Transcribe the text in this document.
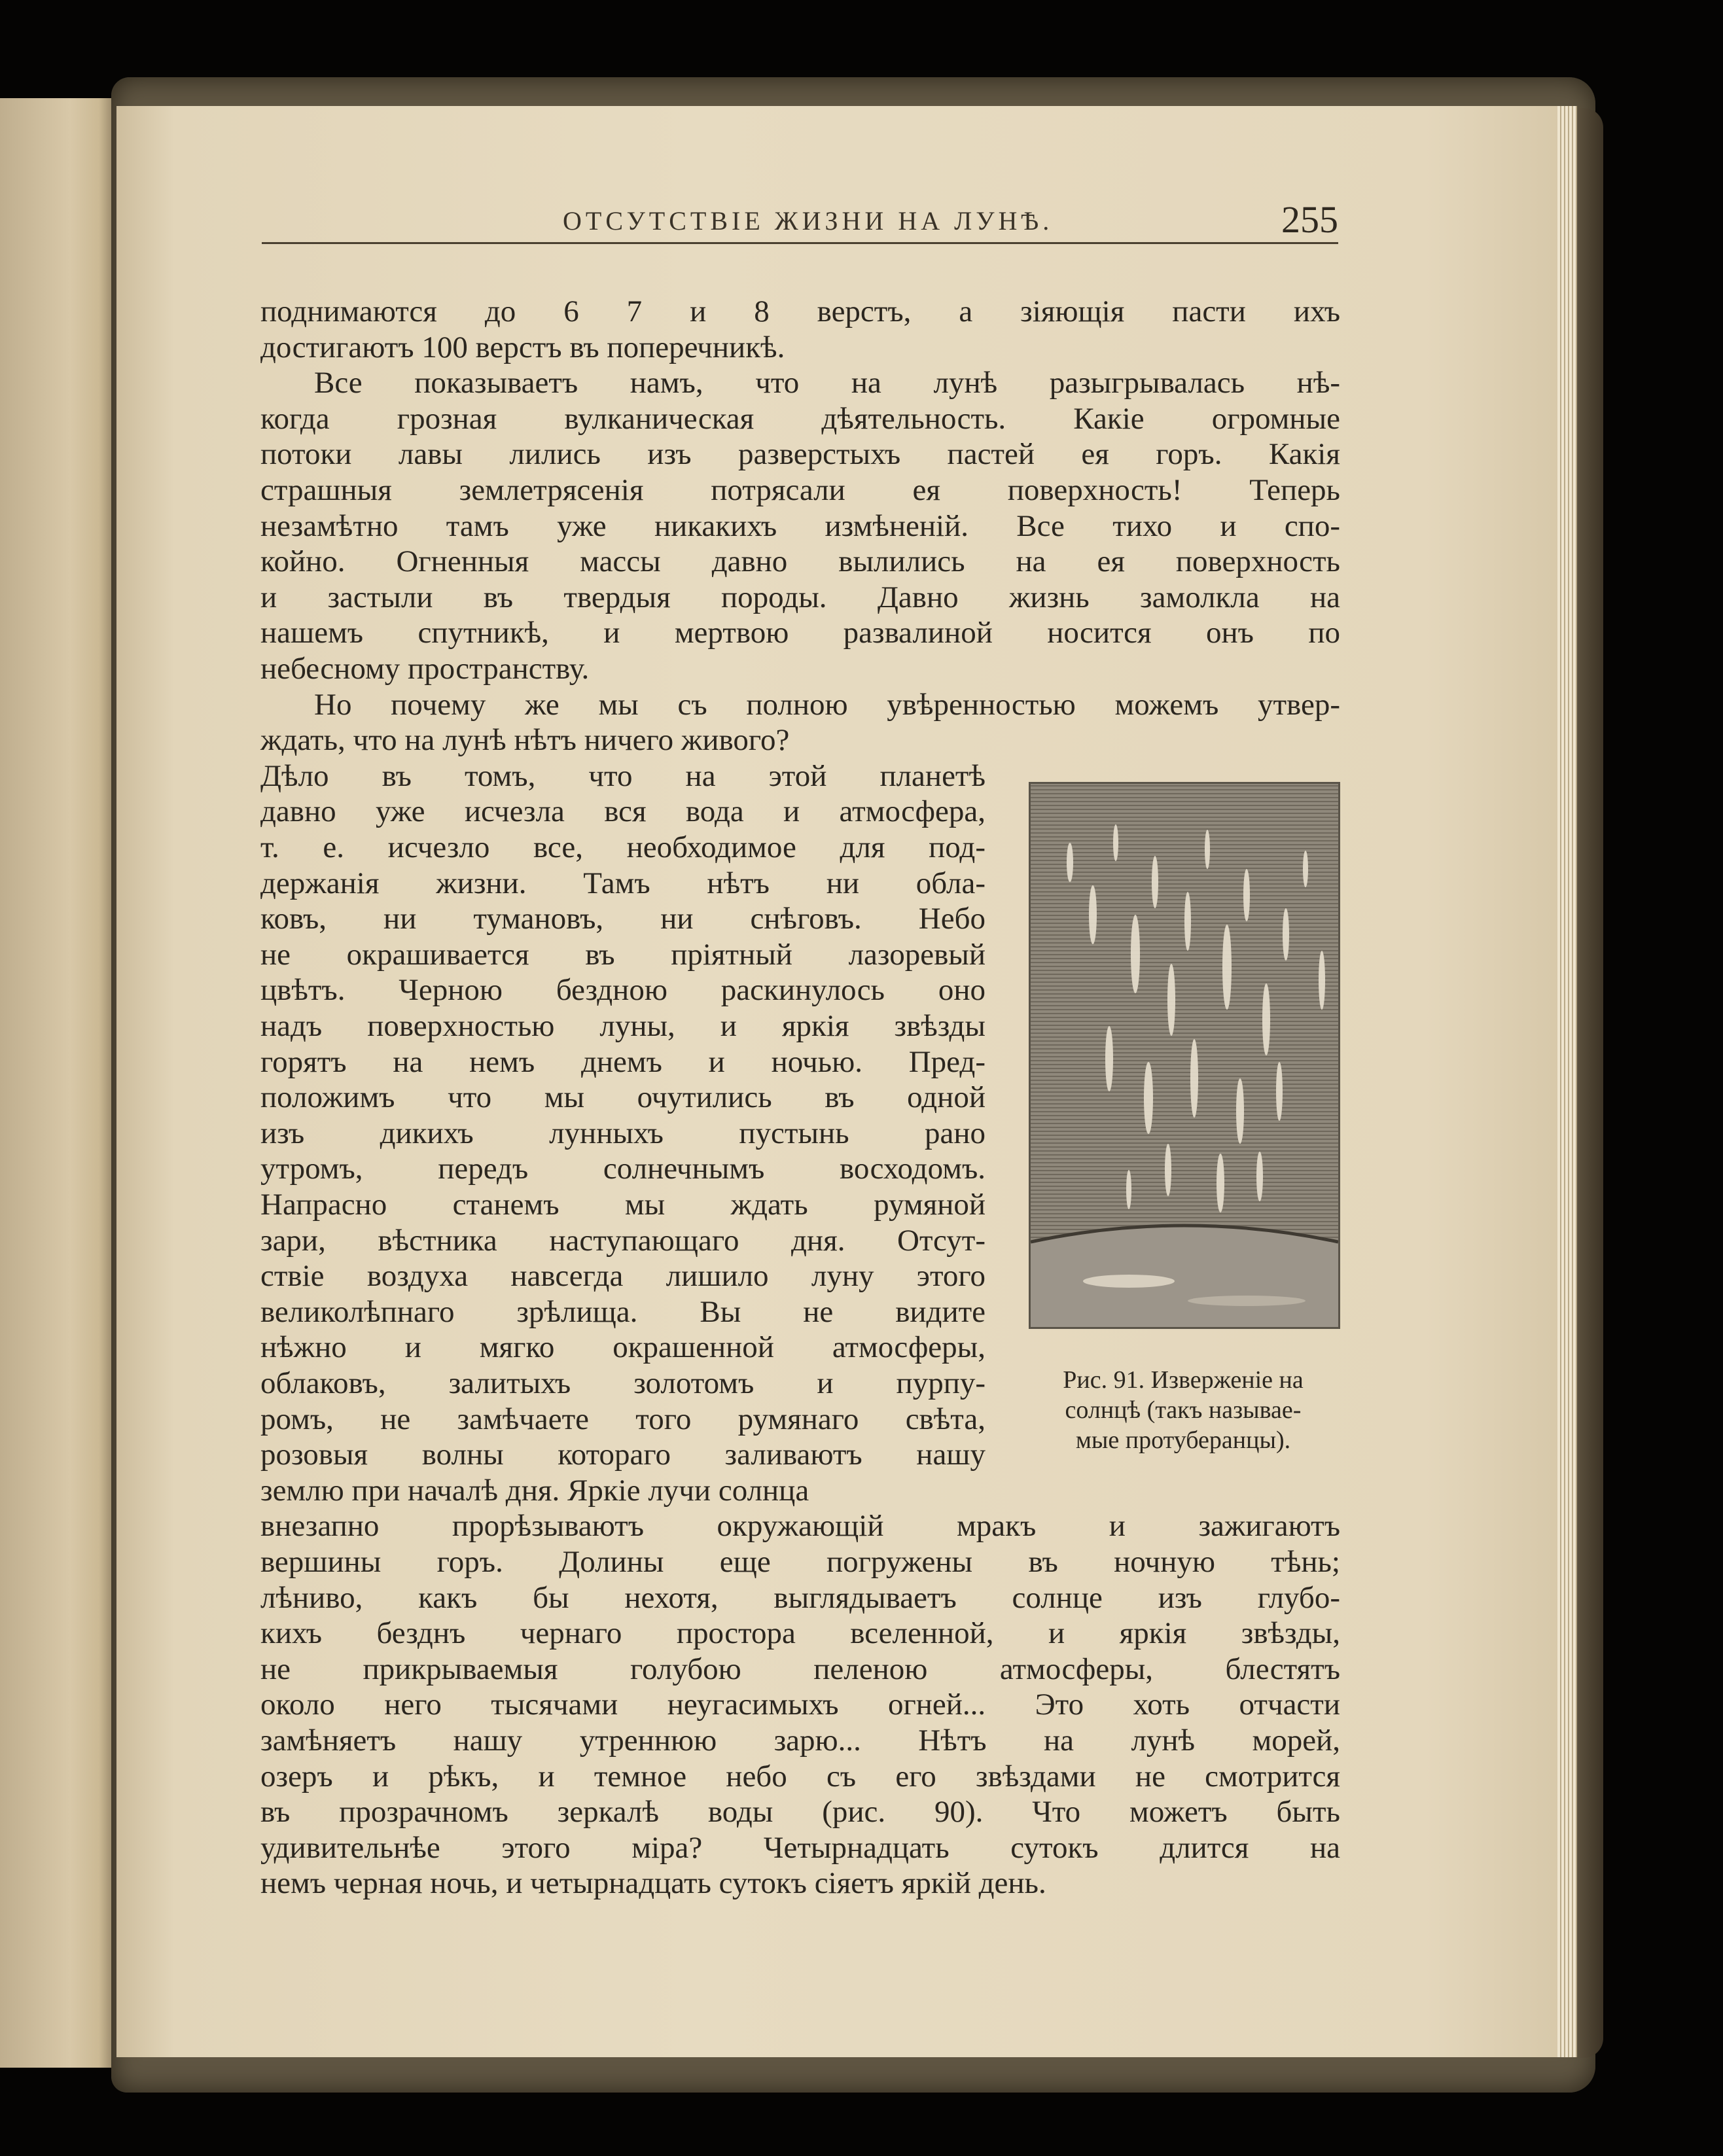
ОТСУТСТВIЕ ЖИЗНИ НА ЛУНѢ.	255
поднимаются до 6 7 и 8 верстъ, а зiяющiя пасти ихъ
достигаютъ 100 верстъ въ поперечникѣ.
Все показываетъ намъ, что на лунѣ разыгрывалась нѣ-
когда грозная вулканическая дѣятельность. Какiе огромные
потоки лавы лились изъ разверстыхъ пастей ея горъ. Какiя
страшныя землетрясенiя потрясали ея поверхность! Теперь
незамѣтно тамъ уже никакихъ измѣненiй. Все тихо и спо-
койно. Огненныя массы давно вылились на ея поверхность
и застыли въ твердыя породы. Давно жизнь замолкла на
нашемъ спутникѣ, и мертвою развалиной носится онъ по
небесному пространству.
Но почему же мы съ полною увѣренностью можемъ утвер-
ждать, что на лунѣ нѣтъ ничего живого?
Дѣло въ томъ, что на этой планетѣ
давно уже исчезла вся вода и атмосфера,
т. е. исчезло все, необходимое для под-
держанiя жизни. Тамъ нѣтъ ни обла-
ковъ, ни тумановъ, ни снѣговъ. Небо
не окрашивается въ прiятный лазоревый
цвѣтъ. Черною бездною раскинулось оно
надъ поверхностью луны, и яркiя звѣзды
горятъ на немъ днемъ и ночью. Пред-
положимъ что мы очутились въ одной
изъ дикихъ лунныхъ пустынь рано
утромъ, передъ солнечнымъ восходомъ.
Напрасно станемъ мы ждать румяной
зари, вѣстника наступающаго дня. Отсут-
ствiе воздуха навсегда лишило луну этого
великолѣпнаго зрѣлища. Вы не видите
нѣжно и мягко окрашенной атмосферы,
облаковъ, залитыхъ золотомъ и пурпу-
ромъ, не замѣчаете того румянаго свѣта,
розовыя волны котораго заливаютъ нашу
землю при началѣ дня. Яркiе лучи солнца
внезапно прорѣзываютъ окружающiй мракъ и зажигаютъ
вершины горъ. Долины еще погружены въ ночную тѣнь;
лѣниво, какъ бы нехотя, выглядываетъ солнце изъ глубо-
кихъ безднъ чернаго простора вселенной, и яркiя звѣзды,
не прикрываемыя голубою пеленою атмосферы, блестятъ
около него тысячами неугасимыхъ огней... Это хоть отчасти
замѣняетъ нашу утреннюю зарю... Нѣтъ на лунѣ морей,
озеръ и рѣкъ, и темное небо съ его звѣздами не смотрится
въ прозрачномъ зеркалѣ воды (рис. 90). Что можетъ быть
удивительнѣе этого мiра? Четырнадцать сутокъ длится на
немъ черная ночь, и четырнадцать сутокъ сiяетъ яркiй день.
Рис. 91. Изверженiе на
солнцѣ (такъ называе-
мые протуберанцы).
